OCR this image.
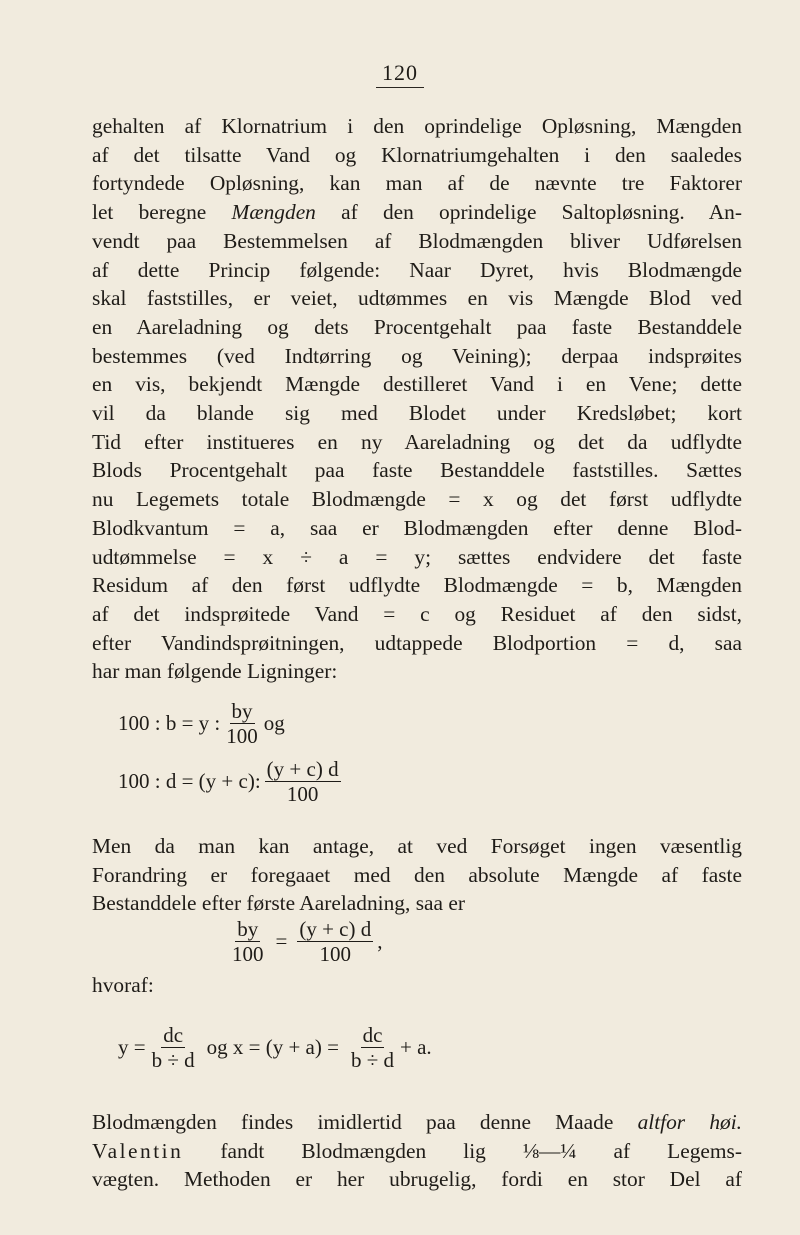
120
gehalten af Klornatrium i den oprindelige Opløsning, Mængden
af det tilsatte Vand og Klornatriumgehalten i den saaledes
fortyndede Opløsning, kan man af de nævnte tre Faktorer
let beregne Mængden af den oprindelige Saltopløsning. An-
vendt paa Bestemmelsen af Blodmængden bliver Udførelsen
af dette Princip følgende: Naar Dyret, hvis Blodmængde
skal faststilles, er veiet, udtømmes en vis Mængde Blod ved
en Aareladning og dets Procentgehalt paa faste Bestanddele
bestemmes (ved Indtørring og Veining); derpaa indsprøites
en vis, bekjendt Mængde destilleret Vand i en Vene; dette
vil da blande sig med Blodet under Kredsløbet; kort
Tid efter institueres en ny Aareladning og det da udflydte
Blods Procentgehalt paa faste Bestanddele faststilles. Sættes
nu Legemets totale Blodmængde = x og det først udflydte
Blodkvantum = a, saa er Blodmængden efter denne Blod-
udtømmelse = x ÷ a = y; sættes endvidere det faste
Residum af den først udflydte Blodmængde = b, Mængden
af det indsprøitede Vand = c og Residuet af den sidst,
efter Vandindsprøitningen, udtappede Blodportion = d, saa
har man følgende Ligninger:
100 : b = y : $\frac{by}{100}$ og
100 : d = (y + c): $\frac{(y + c) d}{100}$
Men da man kan antage, at ved Forsøget ingen væsentlig
Forandring er foregaaet med den absolute Mængde af faste
Bestanddele efter første Aareladning, saa er
$\frac{by}{100} = \frac{(y + c) d}{100}$ ,
hvoraf:
$y = \frac{dc}{b \div d}$ og $x = (y + a) = \frac{dc}{b \div d} + a$.
Blodmængden findes imidlertid paa denne Maade altfor høi.
Valentin fandt Blodmængden lig ⅛—¼ af Legems-
vægten. Methoden er her ubrugelig, fordi en stor Del af
